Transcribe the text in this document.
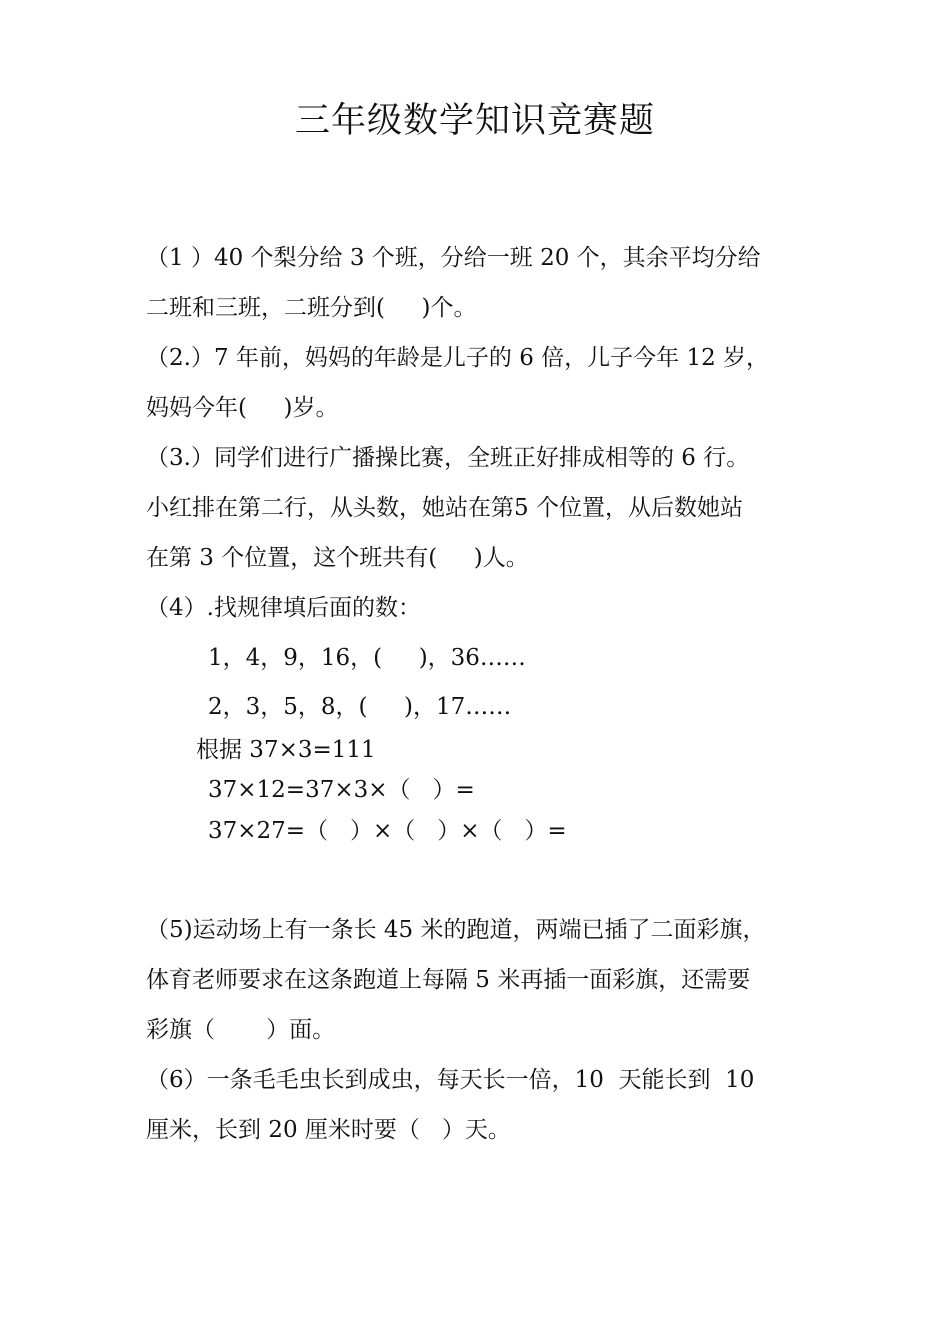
三年级数学知识竞赛题
（1 ）40 个梨分给 3 个班，分给一班 20 个，其余平均分给
二班和三班，二班分到(     )个。
（2.）7 年前，妈妈的年龄是儿子的 6 倍，儿子今年 12 岁，
妈妈今年(     )岁。
（3.）同学们进行广播操比赛，全班正好排成相等的 6 行。
小红排在第二行，从头数，她站在第5 个位置，从后数她站
在第 3 个位置，这个班共有(     )人。
（4）.找规律填后面的数：
1，4，9，16，(     )，36……
2，3，5，8，(     )，17……
根据 37×3=111
37×12=37×3×（   ）=
37×27=（   ）×（   ）×（   ）=
（5)运动场上有一条长 45 米的跑道，两端已插了二面彩旗，
体育老师要求在这条跑道上每隔 5 米再插一面彩旗，还需要
彩旗（       ）面。
（6）一条毛毛虫长到成虫，每天长一倍，10  天能长到  10
厘米，长到 20 厘米时要（   ）天。
